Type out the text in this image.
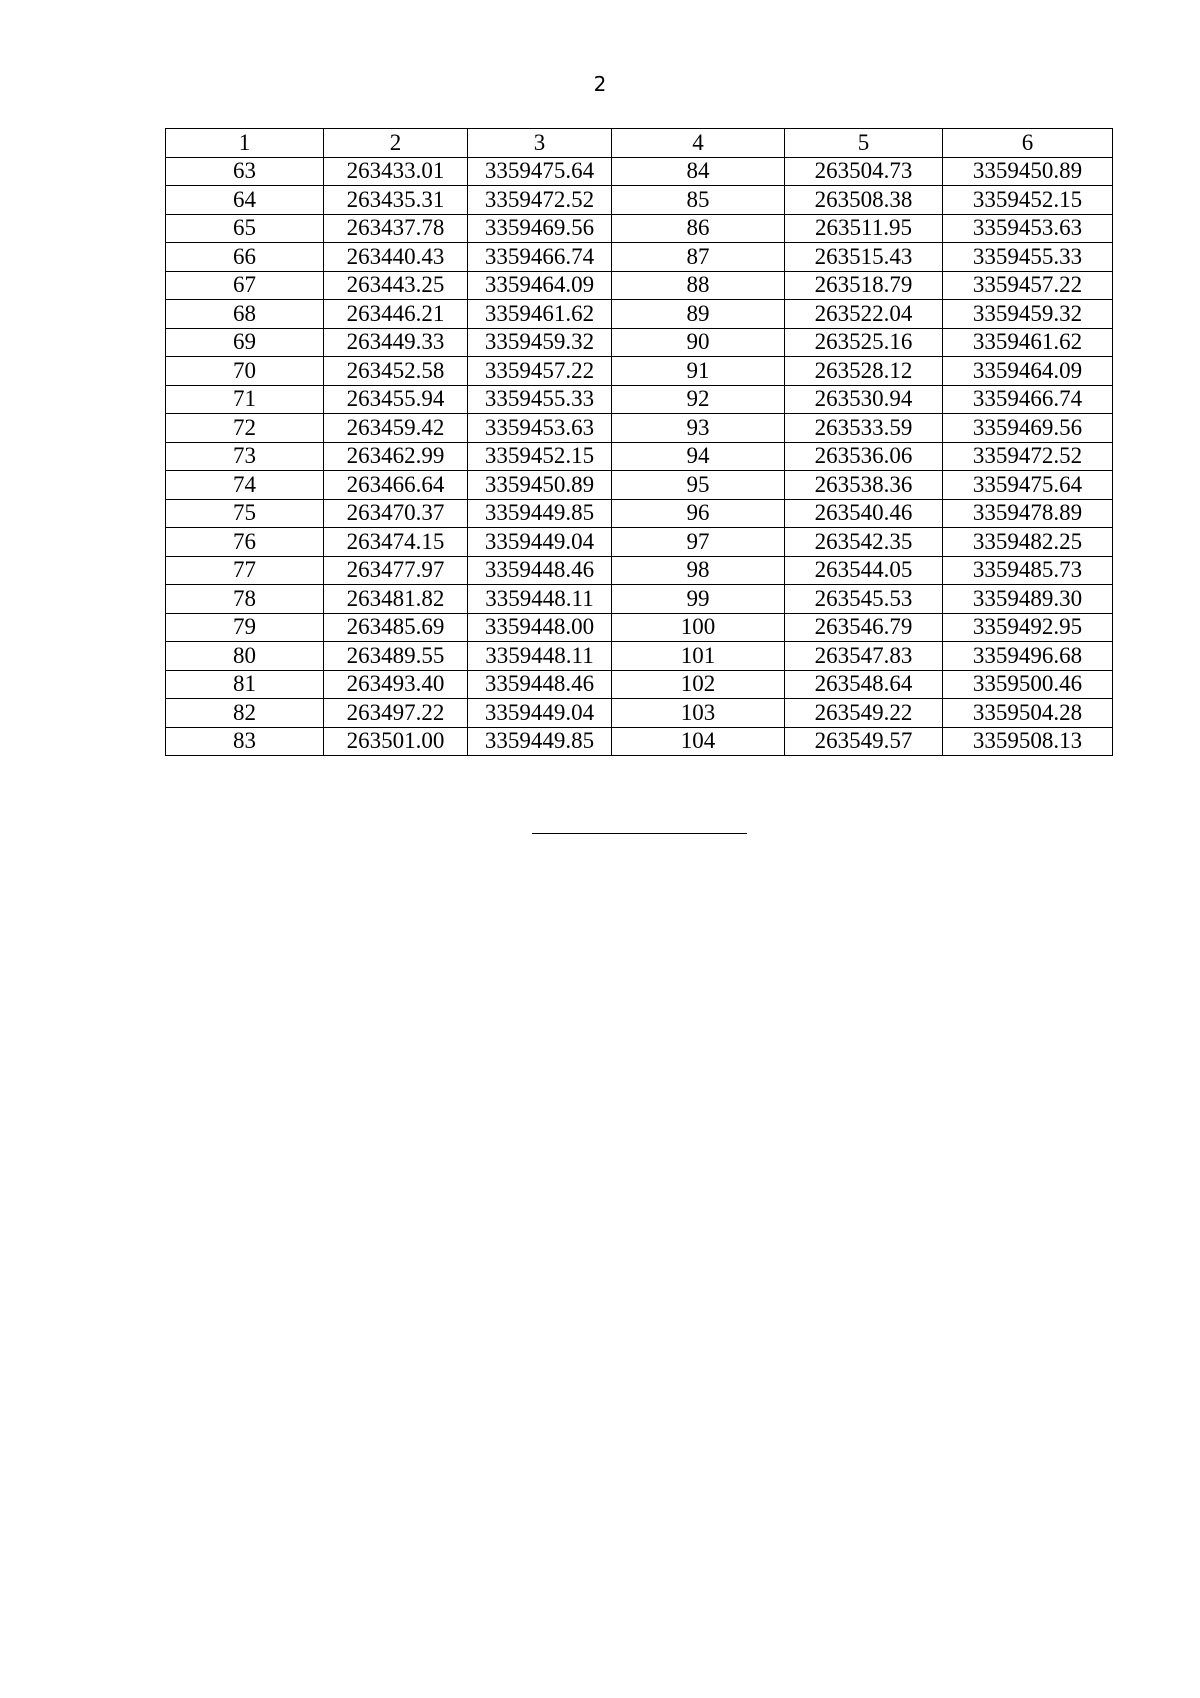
2
1	2	3	4	5	6
63	263433.01	3359475.64	84	263504.73	3359450.89
64	263435.31	3359472.52	85	263508.38	3359452.15
65	263437.78	3359469.56	86	263511.95	3359453.63
66	263440.43	3359466.74	87	263515.43	3359455.33
67	263443.25	3359464.09	88	263518.79	3359457.22
68	263446.21	3359461.62	89	263522.04	3359459.32
69	263449.33	3359459.32	90	263525.16	3359461.62
70	263452.58	3359457.22	91	263528.12	3359464.09
71	263455.94	3359455.33	92	263530.94	3359466.74
72	263459.42	3359453.63	93	263533.59	3359469.56
73	263462.99	3359452.15	94	263536.06	3359472.52
74	263466.64	3359450.89	95	263538.36	3359475.64
75	263470.37	3359449.85	96	263540.46	3359478.89
76	263474.15	3359449.04	97	263542.35	3359482.25
77	263477.97	3359448.46	98	263544.05	3359485.73
78	263481.82	3359448.11	99	263545.53	3359489.30
79	263485.69	3359448.00	100	263546.79	3359492.95
80	263489.55	3359448.11	101	263547.83	3359496.68
81	263493.40	3359448.46	102	263548.64	3359500.46
82	263497.22	3359449.04	103	263549.22	3359504.28
83	263501.00	3359449.85	104	263549.57	3359508.13
